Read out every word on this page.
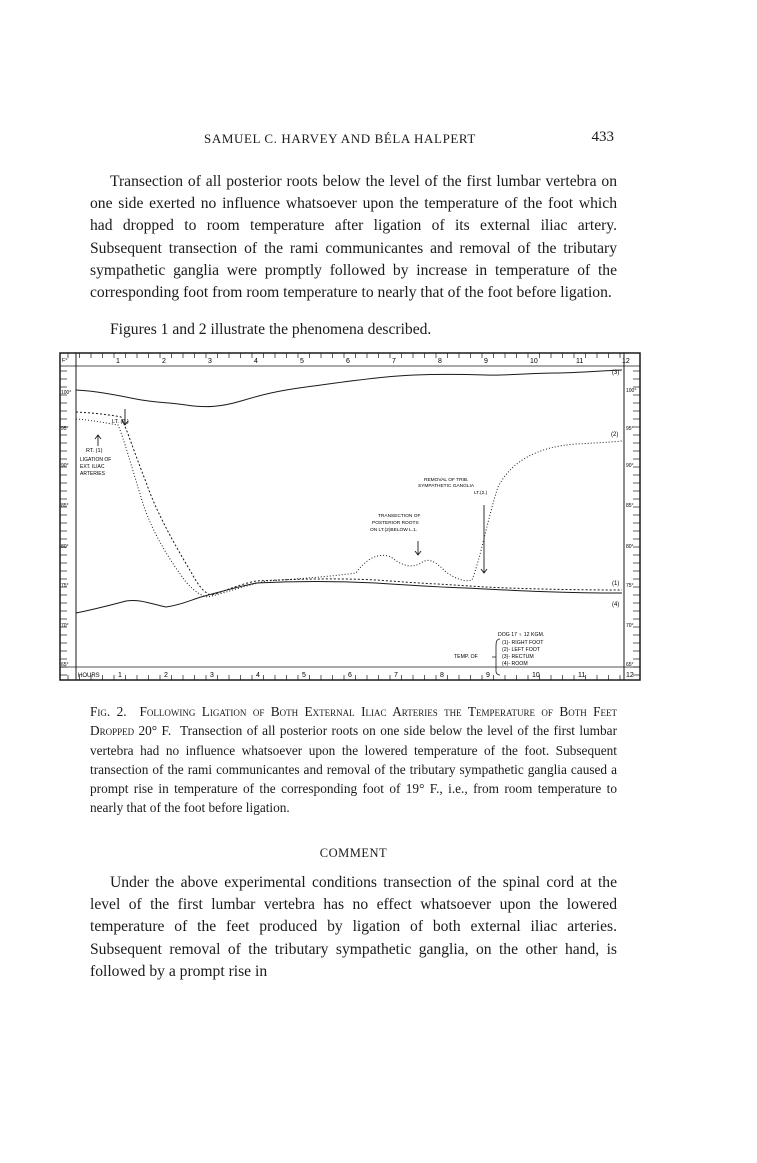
SAMUEL C. HARVEY AND BÉLA HALPERT	433

Transection of all posterior roots below the level of the first lumbar vertebra on one side exerted no influence whatsoever upon the temperature of the foot which had dropped to room temperature after ligation of its external iliac artery. Subsequent transection of the rami communicantes and removal of the tributary sympathetic ganglia were promptly followed by increase in temperature of the corresponding foot from room temperature to nearly that of the foot before ligation.

Figures 1 and 2 illustrate the phenomena described.

1	2	3	4	5	6	7	8	9	10	11	12
HOURS	1	2	3	4	5	6	7	8	9	10	11	12
F°
100°
95°
90°
85°
80°
75°
70°
65°
100°
95°
90°
85°
80°
75°
70°
65°
LT. (2.)
RT. (1)
LIGATION OF
EXT. ILIAC
ARTERIES
REMOVAL OF TRIB.
SYMPATHETIC GANGLIA
LT.(2.)
TRANSECTION OF
POSTERIOR ROOTS
ON LT.(2)BELOW L.1.
(3)
(2)
(1)
(4)
DOG 17 ♀ 12 KGM.
TEMP. OF
(1)- RIGHT FOOT
(2)- LEFT FOOT
(3)- RECTUM
(4)- ROOM

Fig. 2. Following Ligation of Both External Iliac Arteries the Temperature of Both Feet Dropped 20° F. Transection of all posterior roots on one side below the level of the first lumbar vertebra had no influence whatsoever upon the lowered temperature of the foot. Subsequent transection of the rami communicantes and removal of the tributary sympathetic ganglia caused a prompt rise in temperature of the corresponding foot of 19° F., i.e., from room temperature to nearly that of the foot before ligation.

COMMENT

Under the above experimental conditions transection of the spinal cord at the level of the first lumbar vertebra has no effect whatsoever upon the lowered temperature of the feet produced by ligation of both external iliac arteries. Subsequent removal of the tributary sympathetic ganglia, on the other hand, is followed by a prompt rise in
